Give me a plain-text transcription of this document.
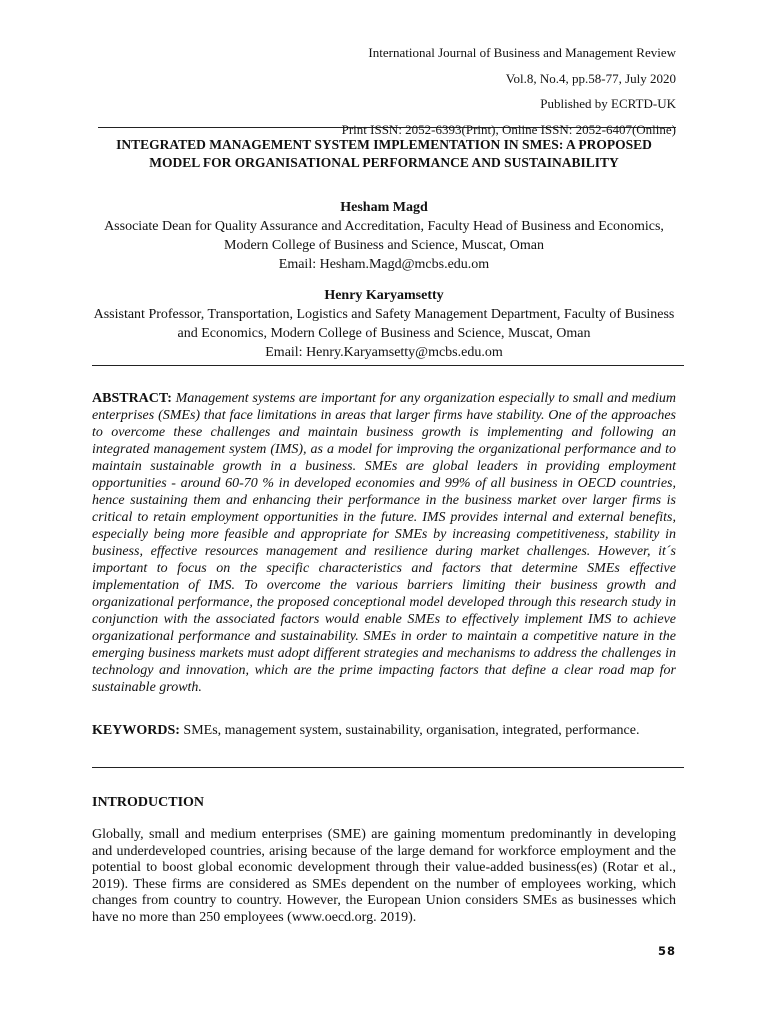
International Journal of Business and Management Review
Vol.8, No.4, pp.58-77, July 2020
Published by ECRTD-UK
Print ISSN: 2052-6393(Print), Online ISSN: 2052-6407(Online)
INTEGRATED MANAGEMENT SYSTEM IMPLEMENTATION IN SMES: A PROPOSED MODEL FOR ORGANISATIONAL PERFORMANCE AND SUSTAINABILITY
Hesham Magd
Associate Dean for Quality Assurance and Accreditation, Faculty Head of Business and Economics, Modern College of Business and Science, Muscat, Oman
Email: Hesham.Magd@mcbs.edu.om
Henry Karyamsetty
Assistant Professor, Transportation, Logistics and Safety Management Department, Faculty of Business and Economics, Modern College of Business and Science, Muscat, Oman
Email: Henry.Karyamsetty@mcbs.edu.om
ABSTRACT: Management systems are important for any organization especially to small and medium enterprises (SMEs) that face limitations in areas that larger firms have stability. One of the approaches to overcome these challenges and maintain business growth is implementing and following an integrated management system (IMS), as a model for improving the organizational performance and to maintain sustainable growth in a business. SMEs are global leaders in providing employment opportunities - around 60-70 % in developed economies and 99% of all business in OECD countries, hence sustaining them and enhancing their performance in the business market over larger firms is critical to retain employment opportunities in the future. IMS provides internal and external benefits, especially being more feasible and appropriate for SMEs by increasing competitiveness, stability in business, effective resources management and resilience during market challenges. However, it´s important to focus on the specific characteristics and factors that determine SMEs effective implementation of IMS. To overcome the various barriers limiting their business growth and organizational performance, the proposed conceptional model developed through this research study in conjunction with the associated factors would enable SMEs to effectively implement IMS to achieve organizational performance and sustainability. SMEs in order to maintain a competitive nature in the emerging business markets must adopt different strategies and mechanisms to address the challenges in technology and innovation, which are the prime impacting factors that define a clear road map for sustainable growth.
KEYWORDS: SMEs, management system, sustainability, organisation, integrated, performance.
INTRODUCTION
Globally, small and medium enterprises (SME) are gaining momentum predominantly in developing and underdeveloped countries, arising because of the large demand for workforce employment and the potential to boost global economic development through their value-added business(es) (Rotar et al., 2019). These firms are considered as SMEs dependent on the number of employees working, which changes from country to country. However, the European Union considers SMEs as businesses which have no more than 250 employees (www.oecd.org. 2019).
58
